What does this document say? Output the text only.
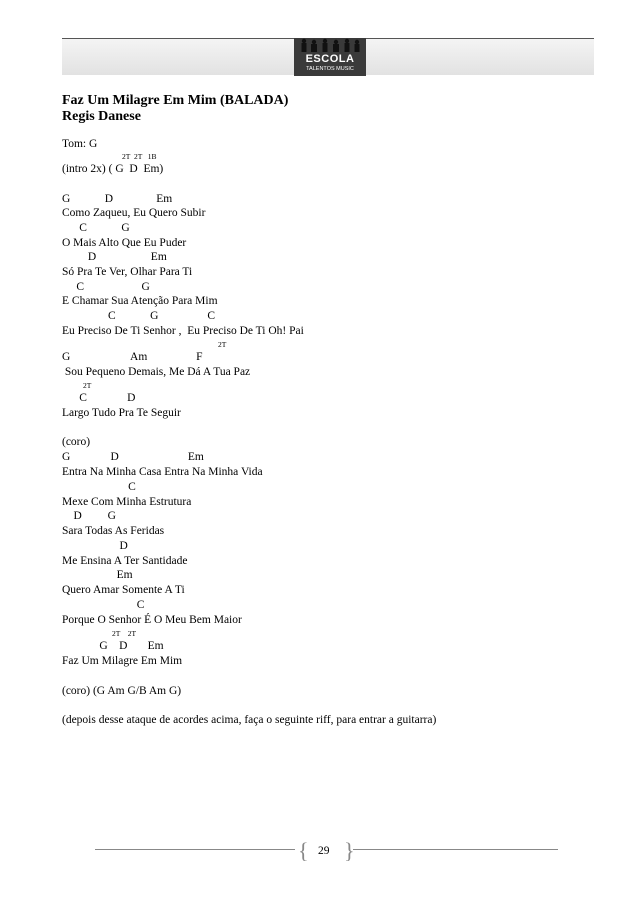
ESCOLA
TALENTOS MUSIC
Faz Um Milagre Em Mim (BALADA)
Regis Danese
Tom: G
2T  2T   1B
(intro 2x) ( G  D  Em)
G            D               Em
Como Zaqueu, Eu Quero Subir
C            G
O Mais Alto Que Eu Puder
D                   Em
Só Pra Te Ver, Olhar Para Ti
C                    G
E Chamar Sua Atenção Para Mim
C            G                 C
Eu Preciso De Ti Senhor ,  Eu Preciso De Ti Oh! Pai
2T
G                     Am                 F
Sou Pequeno Demais, Me Dá A Tua Paz
2T
C              D
Largo Tudo Pra Te Seguir
(coro)
G              D                        Em
Entra Na Minha Casa Entra Na Minha Vida
C
Mexe Com Minha Estrutura
D         G
Sara Todas As Feridas
D
Me Ensina A Ter Santidade
Em
Quero Amar Somente A Ti
C
Porque O Senhor É O Meu Bem Maior
2T    2T
G    D       Em
Faz Um Milagre Em Mim
(coro) (G Am G/B Am G)
(depois desse ataque de acordes acima, faça o seguinte riff, para entrar a guitarra)
{ }
29
